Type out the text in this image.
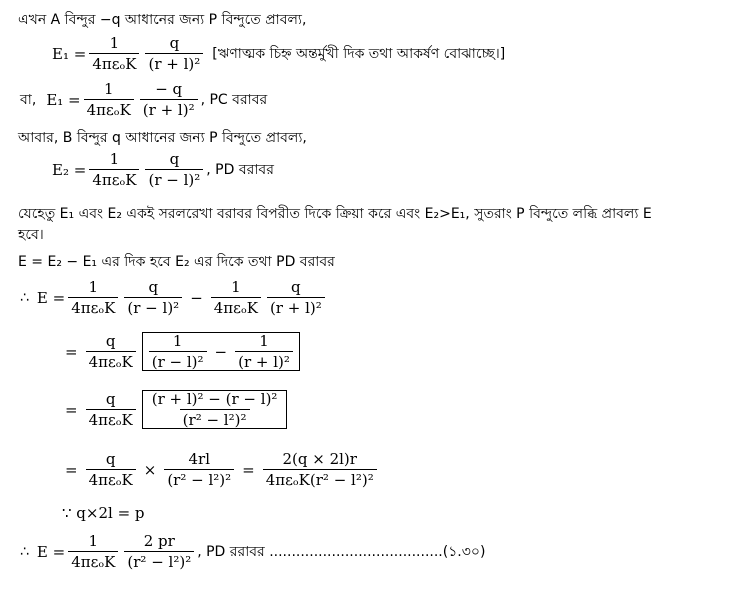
এখন A বিন্দুর −q আধানের জন্য P বিন্দুতে প্রাবল্য,
$E_1 = \frac{1}{\text{4πεₒK}} \frac{q}{\text{(r + l)²}}$ [ঋণাত্মক চিহ্ন অন্তর্মুখী দিক তথা আকর্ষণ বোঝাচ্ছে।]
বা, $E_1 = \frac{1}{\text{4πεₒK}} \frac{- q}{\text{(r + l)²}}$ , PC বরাবর
আবার, B বিন্দুর q আধানের জন্য P বিন্দুতে প্রাবল্য,
$E_2 = \frac{1}{\text{4πεₒK}} \frac{q}{\text{(r − l)²}}$ , PD বরাবর
যেহেতু E₁ এবং E₂ একই সরলরেখা বরাবর বিপরীত দিকে ক্রিয়া করে এবং E₂>E₁, সুতরাং P বিন্দুতে লব্ধি প্রাবল্য E
হবে।
E = E₂ − E₁ এর দিক হবে E₂ এর দিকে তথা PD বরাবর
∴ $E = \frac{1}{\text{4πεₒK}} \frac{q}{\text{(r − l)²}} - \frac{1}{\text{4πεₒK}} \frac{q}{\text{(r + l)²}}$
= $\frac{q}{\text{4πεₒK}} \frac{1}{\text{(r − l)²}} - \frac{1}{\text{(r + l)²}}$
= $\frac{q}{\text{4πεₒK}} \frac{\text{(r + l)² − (r − l)²}}{\text{(r² − l²)²}}$
= $\frac{q}{\text{4πεₒK}} \times \frac{4rl}{\text{(r² − l²)²}} = \frac{2(q \times 2l)r}{\text{4πεₒK(r² − l²)²}}$
∵ q×2l = p
∴ $E = \frac{1}{\text{4πεₒK}} \frac{2 pr}{\text{(r² − l²)²}}$ , PD ররাবর .......................................(১.৩০)
